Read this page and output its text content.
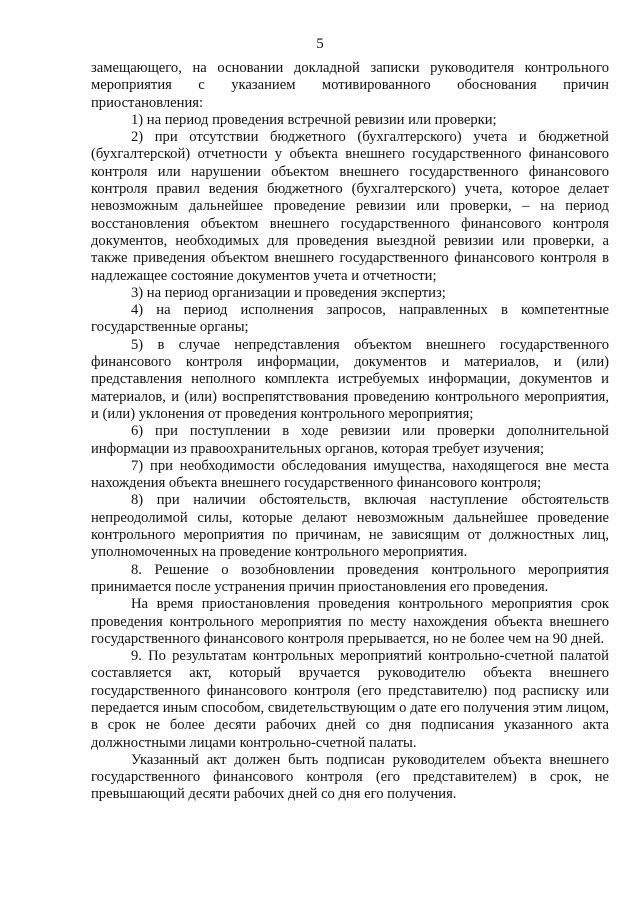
5

замещающего, на основании докладной записки руководителя контрольного мероприятия с указанием мотивированного обоснования причин приостановления:

1) на период проведения встречной ревизии или проверки;

2) при отсутствии бюджетного (бухгалтерского) учета и бюджетной (бухгалтерской) отчетности у объекта внешнего государственного финансового контроля или нарушении объектом внешнего государственного финансового контроля правил ведения бюджетного (бухгалтерского) учета, которое делает невозможным дальнейшее проведение ревизии или проверки, – на период восстановления объектом внешнего государственного финансового контроля документов, необходимых для проведения выездной ревизии или проверки, а также приведения объектом внешнего государственного финансового контроля в надлежащее состояние документов учета и отчетности;

3) на период организации и проведения экспертиз;

4) на период исполнения запросов, направленных в компетентные государственные органы;

5) в случае непредставления объектом внешнего государственного финансового контроля информации, документов и материалов, и (или) представления неполного комплекта истребуемых информации, документов и материалов, и (или) воспрепятствования проведению контрольного мероприятия, и (или) уклонения от проведения контрольного мероприятия;

6) при поступлении в ходе ревизии или проверки дополнительной информации из правоохранительных органов, которая требует изучения;

7) при необходимости обследования имущества, находящегося вне места нахождения объекта внешнего государственного финансового контроля;

8) при наличии обстоятельств, включая наступление обстоятельств непреодолимой силы, которые делают невозможным дальнейшее проведение контрольного мероприятия по причинам, не зависящим от должностных лиц, уполномоченных на проведение контрольного мероприятия.

8. Решение о возобновлении проведения контрольного мероприятия принимается после устранения причин приостановления его проведения.

На время приостановления проведения контрольного мероприятия срок проведения контрольного мероприятия по месту нахождения объекта внешнего государственного финансового контроля прерывается, но не более чем на 90 дней.

9. По результатам контрольных мероприятий контрольно-счетной палатой составляется акт, который вручается руководителю объекта внешнего государственного финансового контроля (его представителю) под расписку или передается иным способом, свидетельствующим о дате его получения этим лицом, в срок не более десяти рабочих дней со дня подписания указанного акта должностными лицами контрольно-счетной палаты.

Указанный акт должен быть подписан руководителем объекта внешнего государственного финансового контроля (его представителем) в срок, не превышающий десяти рабочих дней со дня его получения.
